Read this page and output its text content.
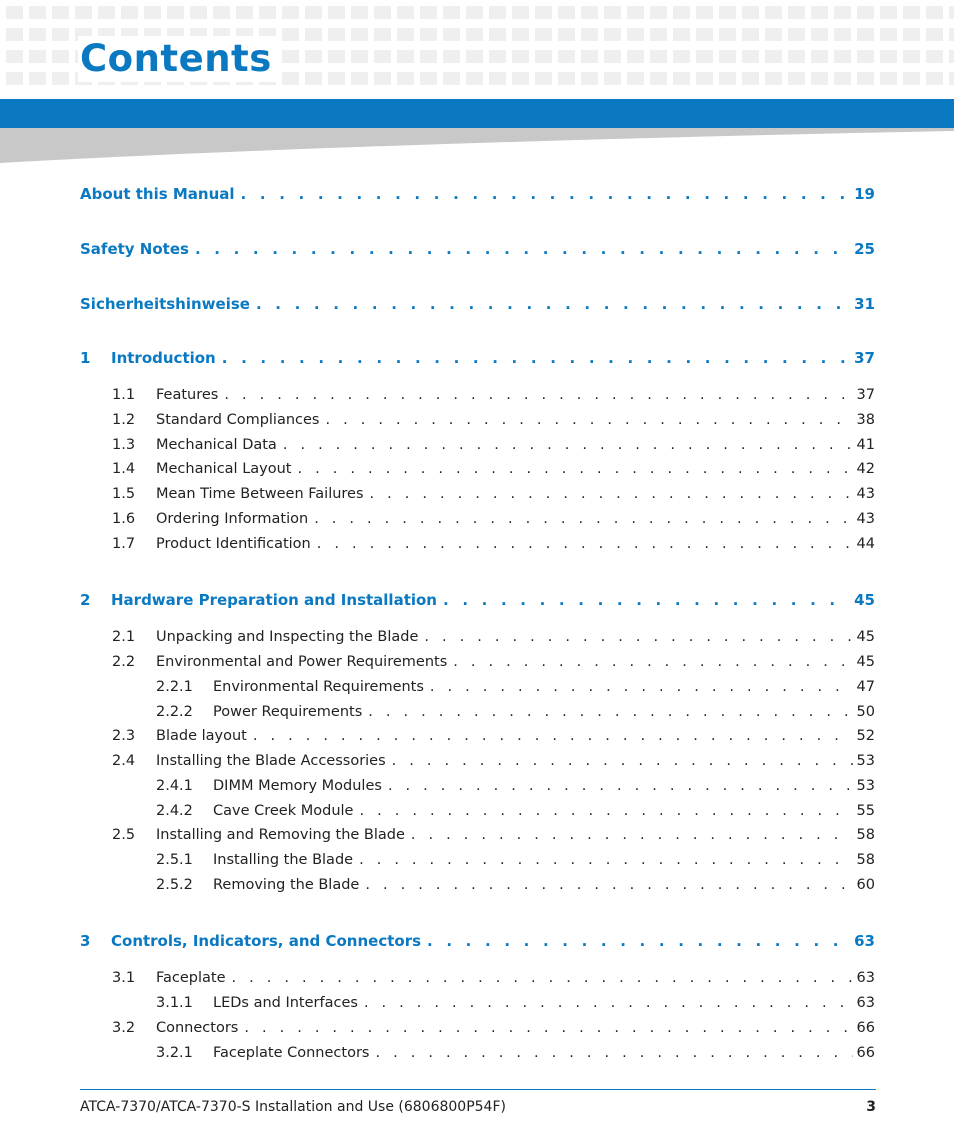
Contents
About this Manual . . .	19
Safety Notes . . .	25
Sicherheitshinweise . . .	31
1	Introduction . . .	37
1.1	Features . . .	37
1.2	Standard Compliances . . .	38
1.3	Mechanical Data . . .	41
1.4	Mechanical Layout . . .	42
1.5	Mean Time Between Failures . . .	43
1.6	Ordering Information . . .	43
1.7	Product Identification . . .	44
2	Hardware Preparation and Installation . . .	45
2.1	Unpacking and Inspecting the Blade . . .	45
2.2	Environmental and Power Requirements . . .	45
2.2.1	Environmental Requirements . . .	47
2.2.2	Power Requirements . . .	50
2.3	Blade layout . . .	52
2.4	Installing the Blade Accessories . . .	53
2.4.1	DIMM Memory Modules . . .	53
2.4.2	Cave Creek Module . . .	55
2.5	Installing and Removing the Blade . . .	58
2.5.1	Installing the Blade . . .	58
2.5.2	Removing the Blade . . .	60
3	Controls, Indicators, and Connectors . . .	63
3.1	Faceplate . . .	63
3.1.1	LEDs and Interfaces . . .	63
3.2	Connectors . . .	66
3.2.1	Faceplate Connectors . . .	66
ATCA-7370/ATCA-7370-S Installation and Use (6806800P54F)	3
